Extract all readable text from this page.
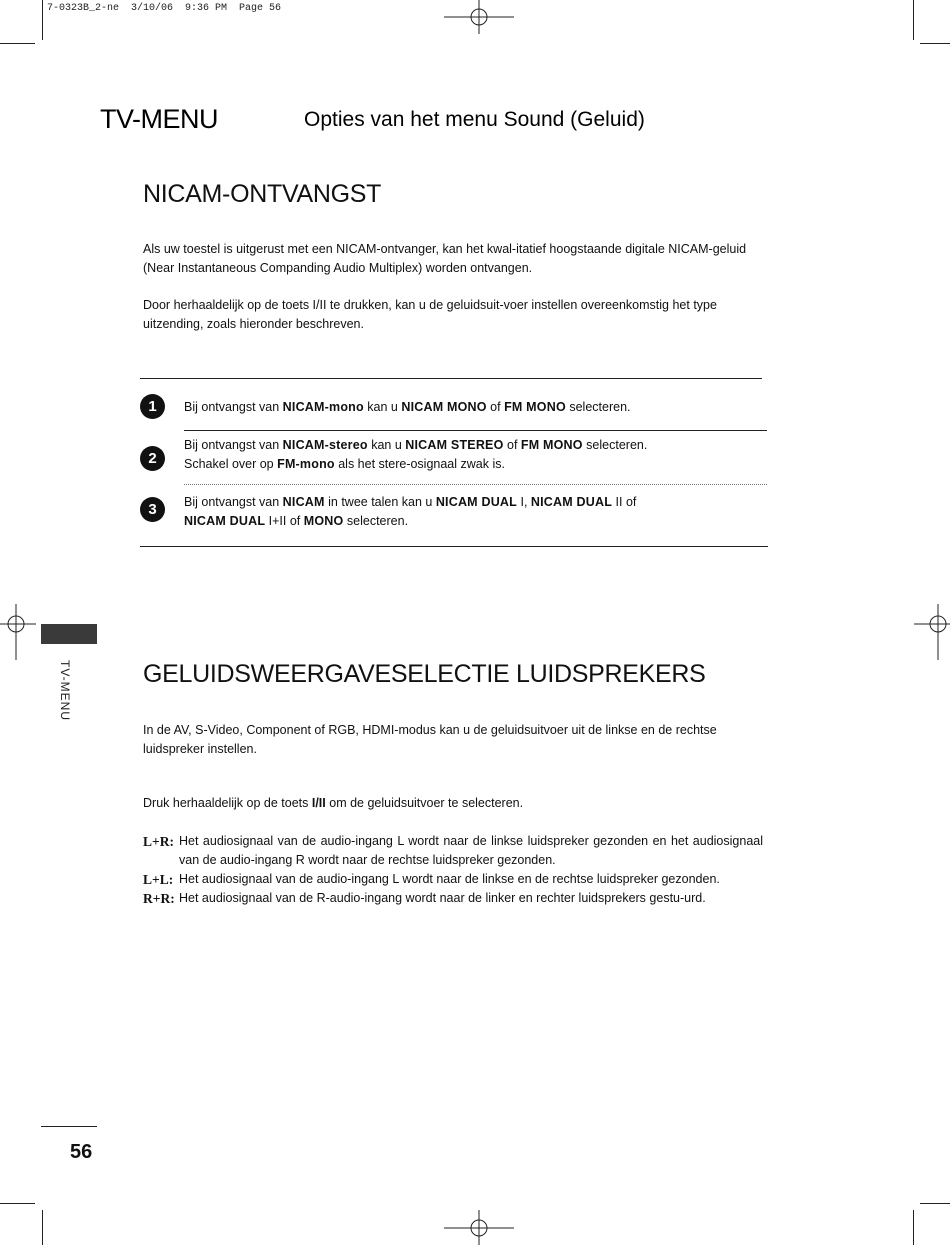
7-0323B_2-ne  3/10/06  9:36 PM  Page 56
TV-MENU	Opties van het menu Sound (Geluid)
NICAM-ONTVANGST

Als uw toestel is uitgerust met een NICAM-ontvanger, kan het kwal-itatief hoogstaande digitale NICAM-geluid (Near Instantaneous Companding Audio Multiplex) worden ontvangen.

Door herhaaldelijk op de toets I/II te drukken, kan u de geluidsuit-voer instellen overeenkomstig het type uitzending, zoals hieronder beschreven.

1	Bij ontvangst van NICAM-mono kan u NICAM MONO of FM MONO selecteren.
2
Bij ontvangst van NICAM-stereo kan u NICAM STEREO of FM MONO selecteren.
Schakel over op FM-mono als het stere-osignaal zwak is.
3	Bij ontvangst van NICAM in twee talen kan u NICAM DUAL I, NICAM DUAL II of
NICAM DUAL I+II of MONO selecteren.
TV-MENU	GELUIDSWEERGAVESELECTIE LUIDSPREKERS

In de AV, S-Video, Component of RGB, HDMI-modus kan u de geluidsuitvoer uit de linkse en de rechtse luidspreker instellen.

Druk herhaaldelijk op de toets I/II om de geluidsuitvoer te selecteren.

L+R: Het audiosignaal van de audio-ingang L wordt naar de linkse luidspreker gezonden en het audiosignaal van de audio-ingang R wordt naar de rechtse luidspreker gezonden.
L+L: Het audiosignaal van de audio-ingang L wordt naar de linkse en de rechtse luidspreker gezonden.
R+R: Het audiosignaal van de R-audio-ingang wordt naar de linker en rechter luidsprekers gestu-urd.
56
